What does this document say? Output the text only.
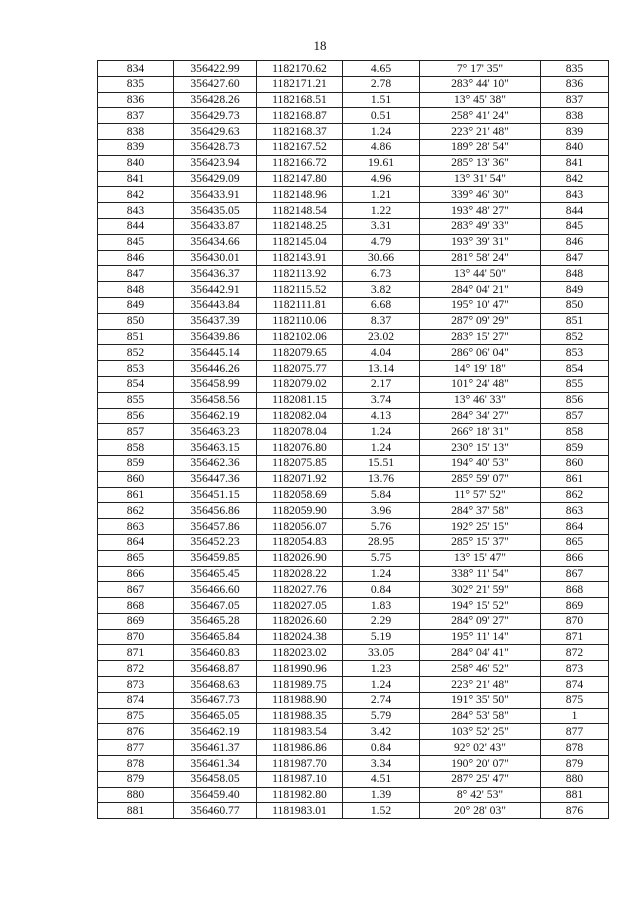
18
834	356422.99	1182170.62	4.65	7° 17' 35"	835
835	356427.60	1182171.21	2.78	283° 44' 10"	836
836	356428.26	1182168.51	1.51	13° 45' 38"	837
837	356429.73	1182168.87	0.51	258° 41' 24"	838
838	356429.63	1182168.37	1.24	223° 21' 48"	839
839	356428.73	1182167.52	4.86	189° 28' 54"	840
840	356423.94	1182166.72	19.61	285° 13' 36"	841
841	356429.09	1182147.80	4.96	13° 31' 54"	842
842	356433.91	1182148.96	1.21	339° 46' 30"	843
843	356435.05	1182148.54	1.22	193° 48' 27"	844
844	356433.87	1182148.25	3.31	283° 49' 33"	845
845	356434.66	1182145.04	4.79	193° 39' 31"	846
846	356430.01	1182143.91	30.66	281° 58' 24"	847
847	356436.37	1182113.92	6.73	13° 44' 50"	848
848	356442.91	1182115.52	3.82	284° 04' 21"	849
849	356443.84	1182111.81	6.68	195° 10' 47"	850
850	356437.39	1182110.06	8.37	287° 09' 29"	851
851	356439.86	1182102.06	23.02	283° 15' 27"	852
852	356445.14	1182079.65	4.04	286° 06' 04"	853
853	356446.26	1182075.77	13.14	14° 19' 18"	854
854	356458.99	1182079.02	2.17	101° 24' 48"	855
855	356458.56	1182081.15	3.74	13° 46' 33"	856
856	356462.19	1182082.04	4.13	284° 34' 27"	857
857	356463.23	1182078.04	1.24	266° 18' 31"	858
858	356463.15	1182076.80	1.24	230° 15' 13"	859
859	356462.36	1182075.85	15.51	194° 40' 53"	860
860	356447.36	1182071.92	13.76	285° 59' 07"	861
861	356451.15	1182058.69	5.84	11° 57' 52"	862
862	356456.86	1182059.90	3.96	284° 37' 58"	863
863	356457.86	1182056.07	5.76	192° 25' 15"	864
864	356452.23	1182054.83	28.95	285° 15' 37"	865
865	356459.85	1182026.90	5.75	13° 15' 47"	866
866	356465.45	1182028.22	1.24	338° 11' 54"	867
867	356466.60	1182027.76	0.84	302° 21' 59"	868
868	356467.05	1182027.05	1.83	194° 15' 52"	869
869	356465.28	1182026.60	2.29	284° 09' 27"	870
870	356465.84	1182024.38	5.19	195° 11' 14"	871
871	356460.83	1182023.02	33.05	284° 04' 41"	872
872	356468.87	1181990.96	1.23	258° 46' 52"	873
873	356468.63	1181989.75	1.24	223° 21' 48"	874
874	356467.73	1181988.90	2.74	191° 35' 50"	875
875	356465.05	1181988.35	5.79	284° 53' 58"	1
876	356462.19	1181983.54	3.42	103° 52' 25"	877
877	356461.37	1181986.86	0.84	92° 02' 43"	878
878	356461.34	1181987.70	3.34	190° 20' 07"	879
879	356458.05	1181987.10	4.51	287° 25' 47"	880
880	356459.40	1181982.80	1.39	8° 42' 53"	881
881	356460.77	1181983.01	1.52	20° 28' 03"	876
